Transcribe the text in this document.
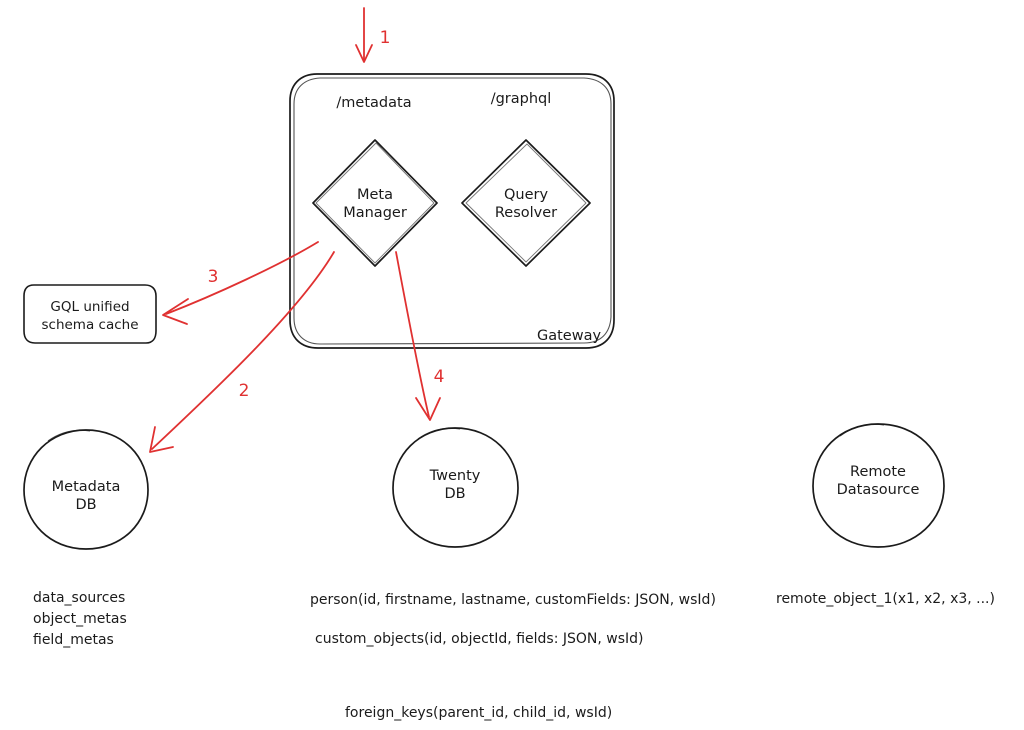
1
2
3
4
/metadata	/graphql
Gateway
Meta
Manager
Query
Resolver
GQL unified
schema cache
Metadata
DB
Twenty
DB
Remote
Datasource
data_sources
object_metas
field_metas
person(id, firstname, lastname, customFields: JSON, wsId)
custom_objects(id, objectId, fields: JSON, wsId)
remote_object_1(x1, x2, x3, ...)
foreign_keys(parent_id, child_id, wsId)
